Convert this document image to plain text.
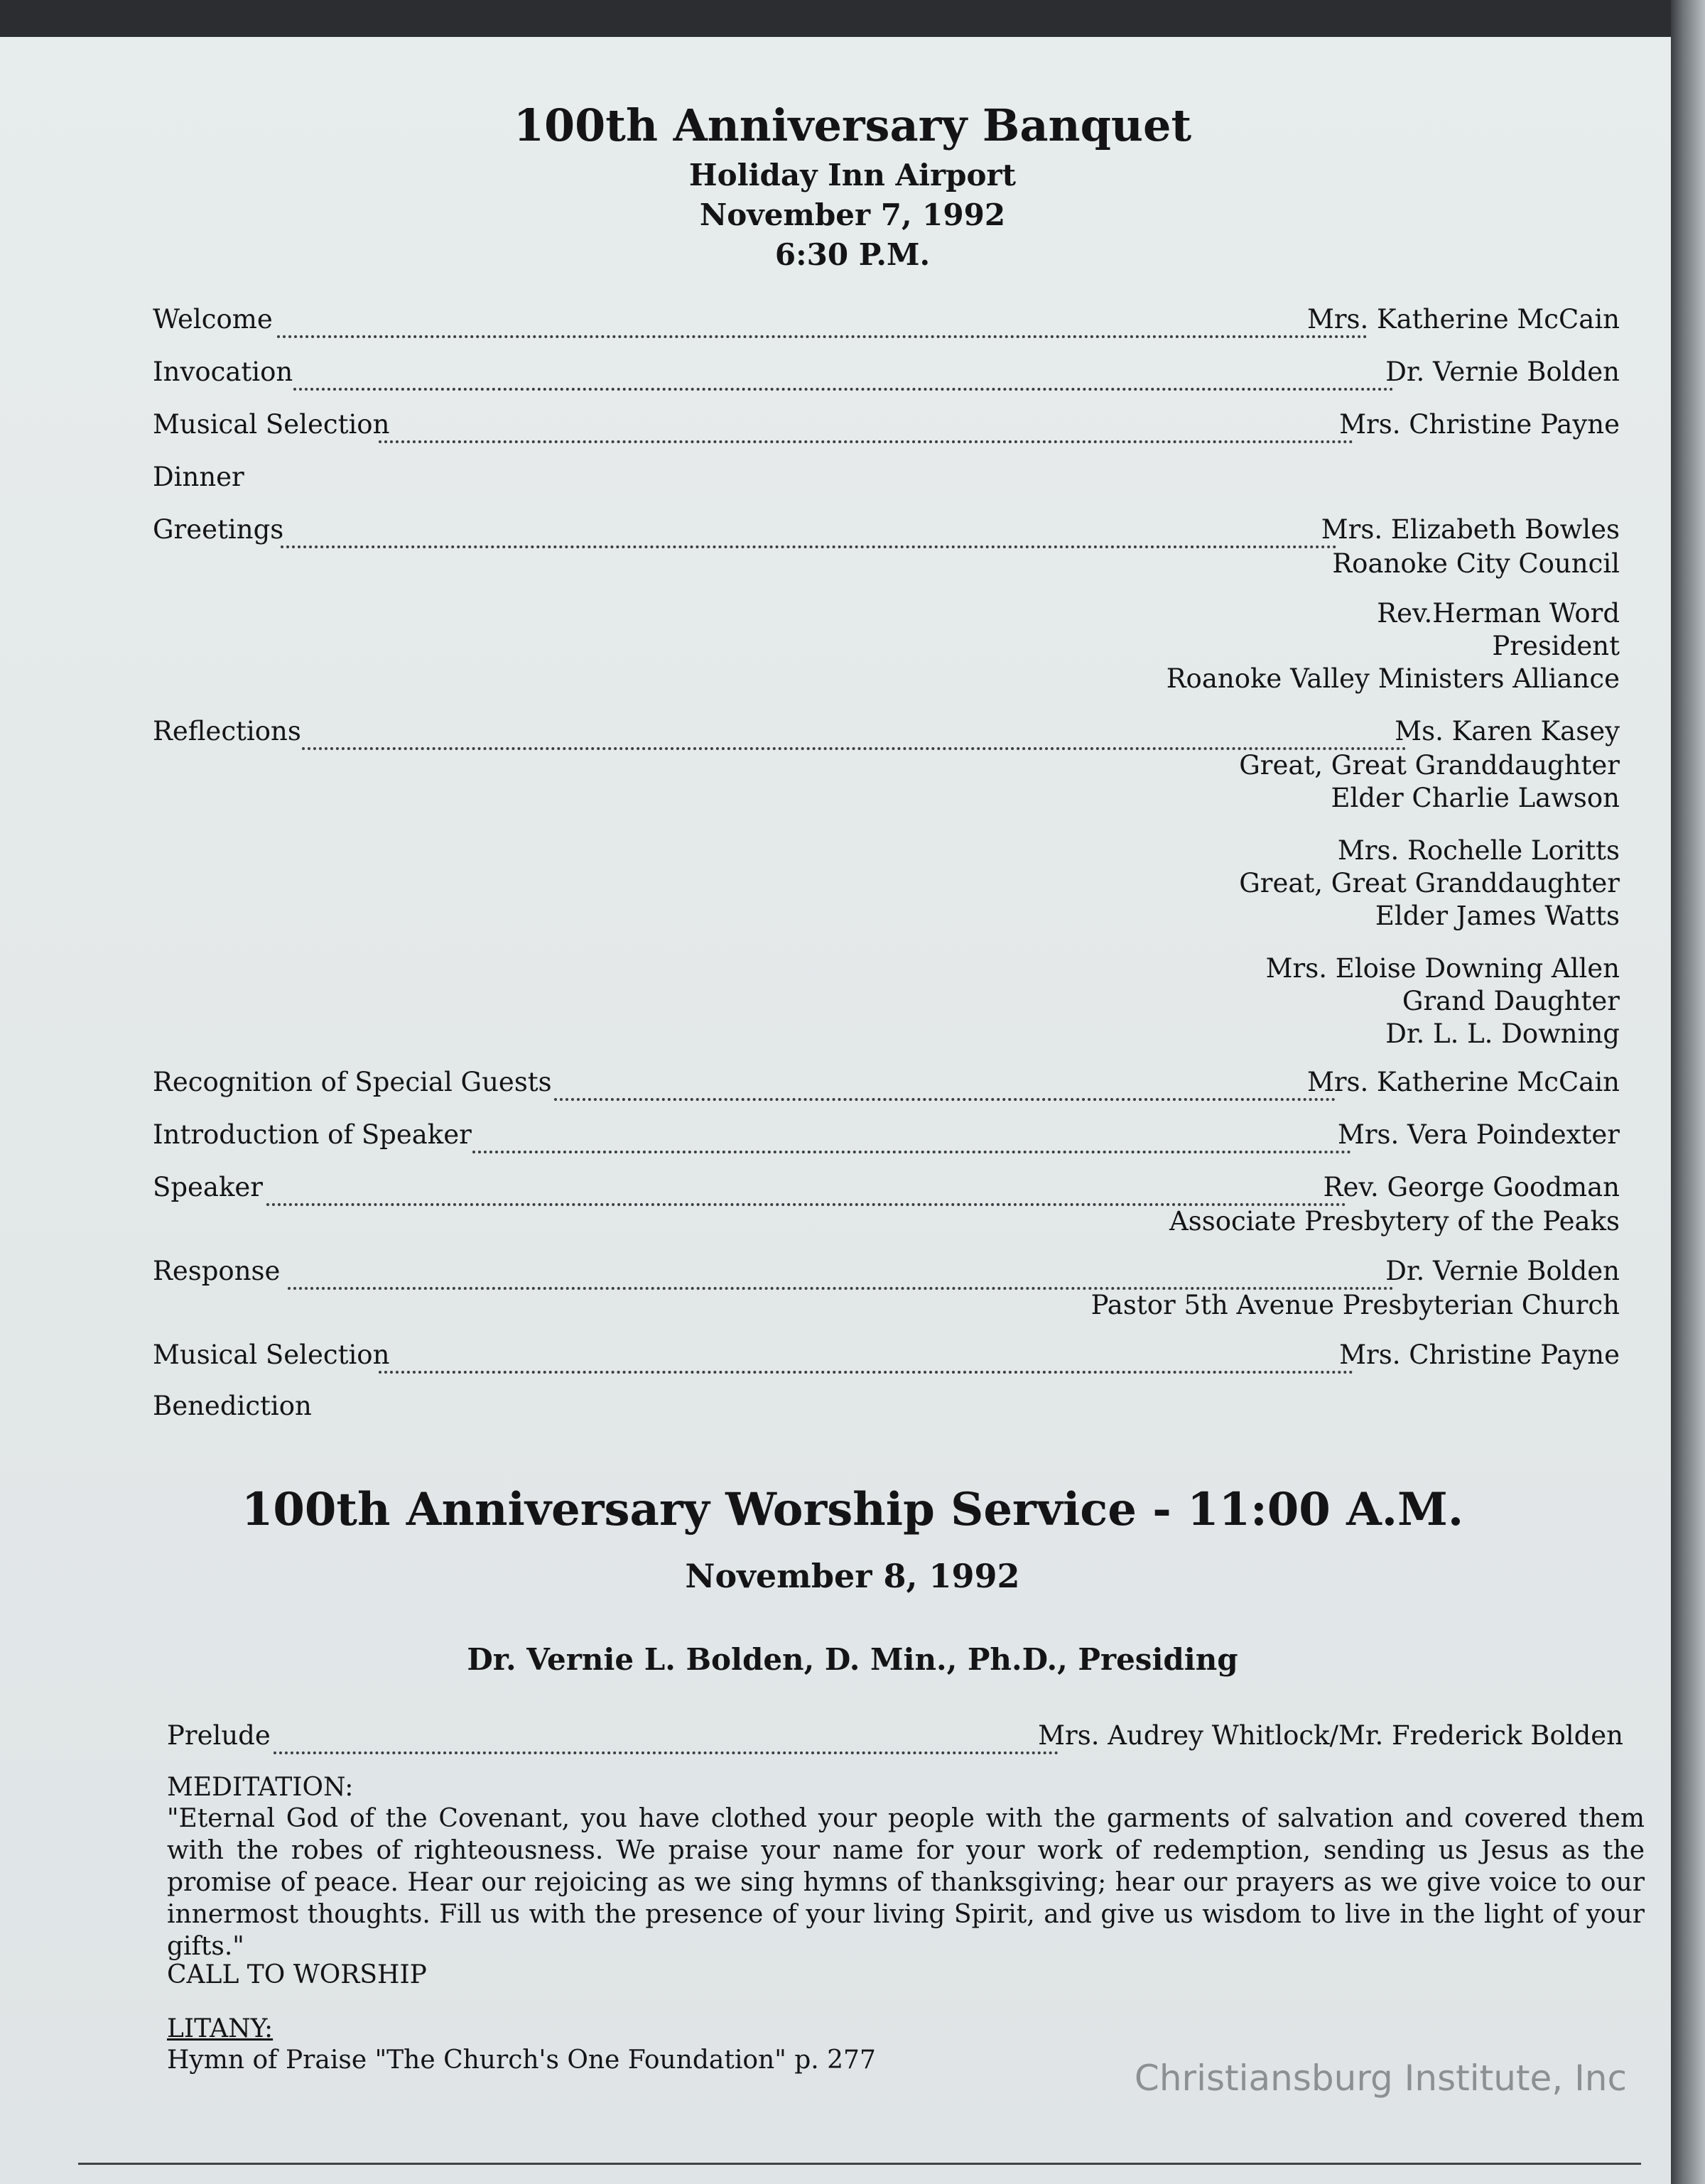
100th Anniversary Banquet
Holiday Inn Airport
November 7, 1992
6:30 P.M.
Welcome	Mrs. Katherine McCain
Invocation	Dr. Vernie Bolden
Musical Selection	Mrs. Christine Payne
Dinner
Greetings	Mrs. Elizabeth Bowles
Roanoke City Council
Rev.Herman Word
President
Roanoke Valley Ministers Alliance
Reflections	Ms. Karen Kasey
Great, Great Granddaughter
Elder Charlie Lawson
Mrs. Rochelle Loritts
Great, Great Granddaughter
Elder James Watts
Mrs. Eloise Downing Allen
Grand Daughter
Dr. L. L. Downing
Recognition of Special Guests	Mrs. Katherine McCain
Introduction of Speaker	Mrs. Vera Poindexter
Speaker	Rev. George Goodman
Associate Presbytery of the Peaks
Response	Dr. Vernie Bolden
Pastor 5th Avenue Presbyterian Church
Musical Selection	Mrs. Christine Payne
Benediction
100th Anniversary Worship Service - 11:00 A.M.
November 8, 1992
Dr. Vernie L. Bolden, D. Min., Ph.D., Presiding
Prelude	Mrs. Audrey Whitlock/Mr. Frederick Bolden
MEDITATION:
"Eternal God of the Covenant, you have clothed your people with the garments of salvation and covered them with the robes of righteousness. We praise your name for your work of redemption, sending us Jesus as the promise of peace. Hear our rejoicing as we sing hymns of thanksgiving; hear our prayers as we give voice to our innermost thoughts. Fill us with the presence of your living Spirit, and give us wisdom to live in the light of your gifts."
CALL TO WORSHIP
LITANY:
Hymn of Praise "The Church's One Foundation" p. 277	Christiansburg Institute, Inc
